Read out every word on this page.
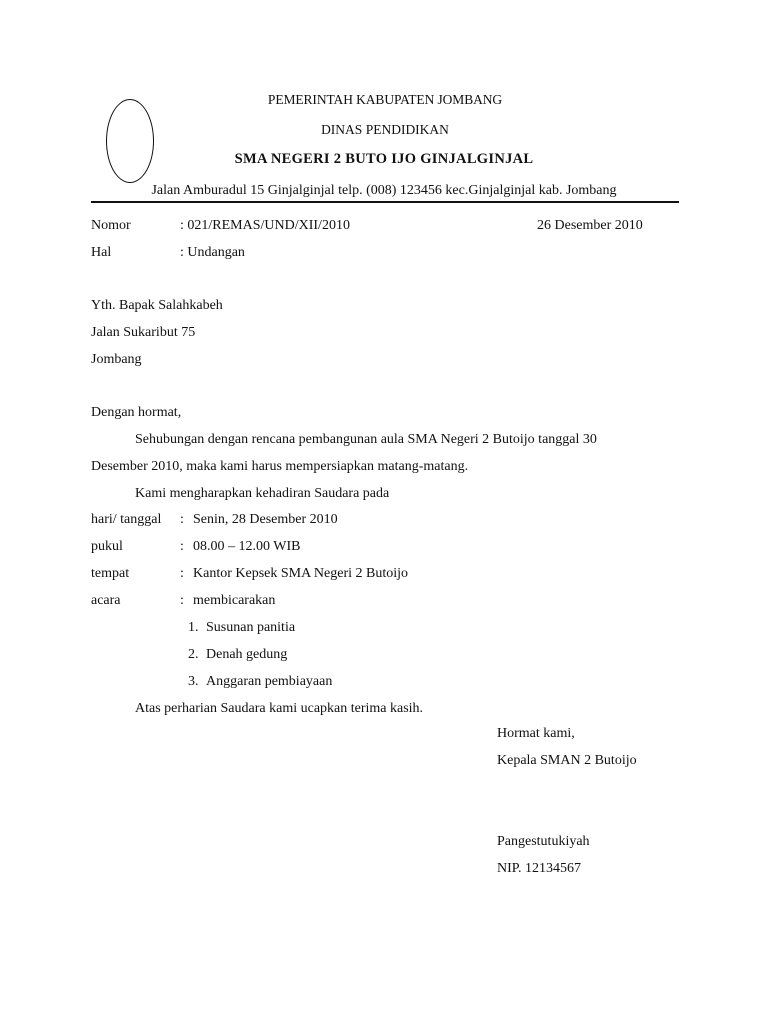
PEMERINTAH KABUPATEN JOMBANG
DINAS PENDIDIKAN
SMA NEGERI 2 BUTO IJO GINJALGINJAL
Jalan Amburadul 15 Ginjalginjal telp. (008) 123456 kec.Ginjalginjal kab. Jombang
Nomor	: 021/REMAS/UND/XII/2010	26 Desember 2010
Hal	: Undangan
Yth. Bapak Salahkabeh
Jalan Sukaribut 75
Jombang
Dengan hormat,
Sehubungan dengan rencana pembangunan aula SMA Negeri 2 Butoijo tanggal 30
Desember 2010, maka kami harus mempersiapkan matang-matang.
Kami mengharapkan kehadiran Saudara pada
hari/ tanggal : Senin, 28 Desember 2010
pukul	: 08.00 – 12.00 WIB
tempat	: Kantor Kepsek SMA Negeri 2 Butoijo
acara	: membicarakan
1. Susunan panitia
2. Denah gedung
3. Anggaran pembiayaan
Atas perharian Saudara kami ucapkan terima kasih.
Hormat kami,
Kepala SMAN 2 Butoijo
Pangestutukiyah
NIP. 12134567
